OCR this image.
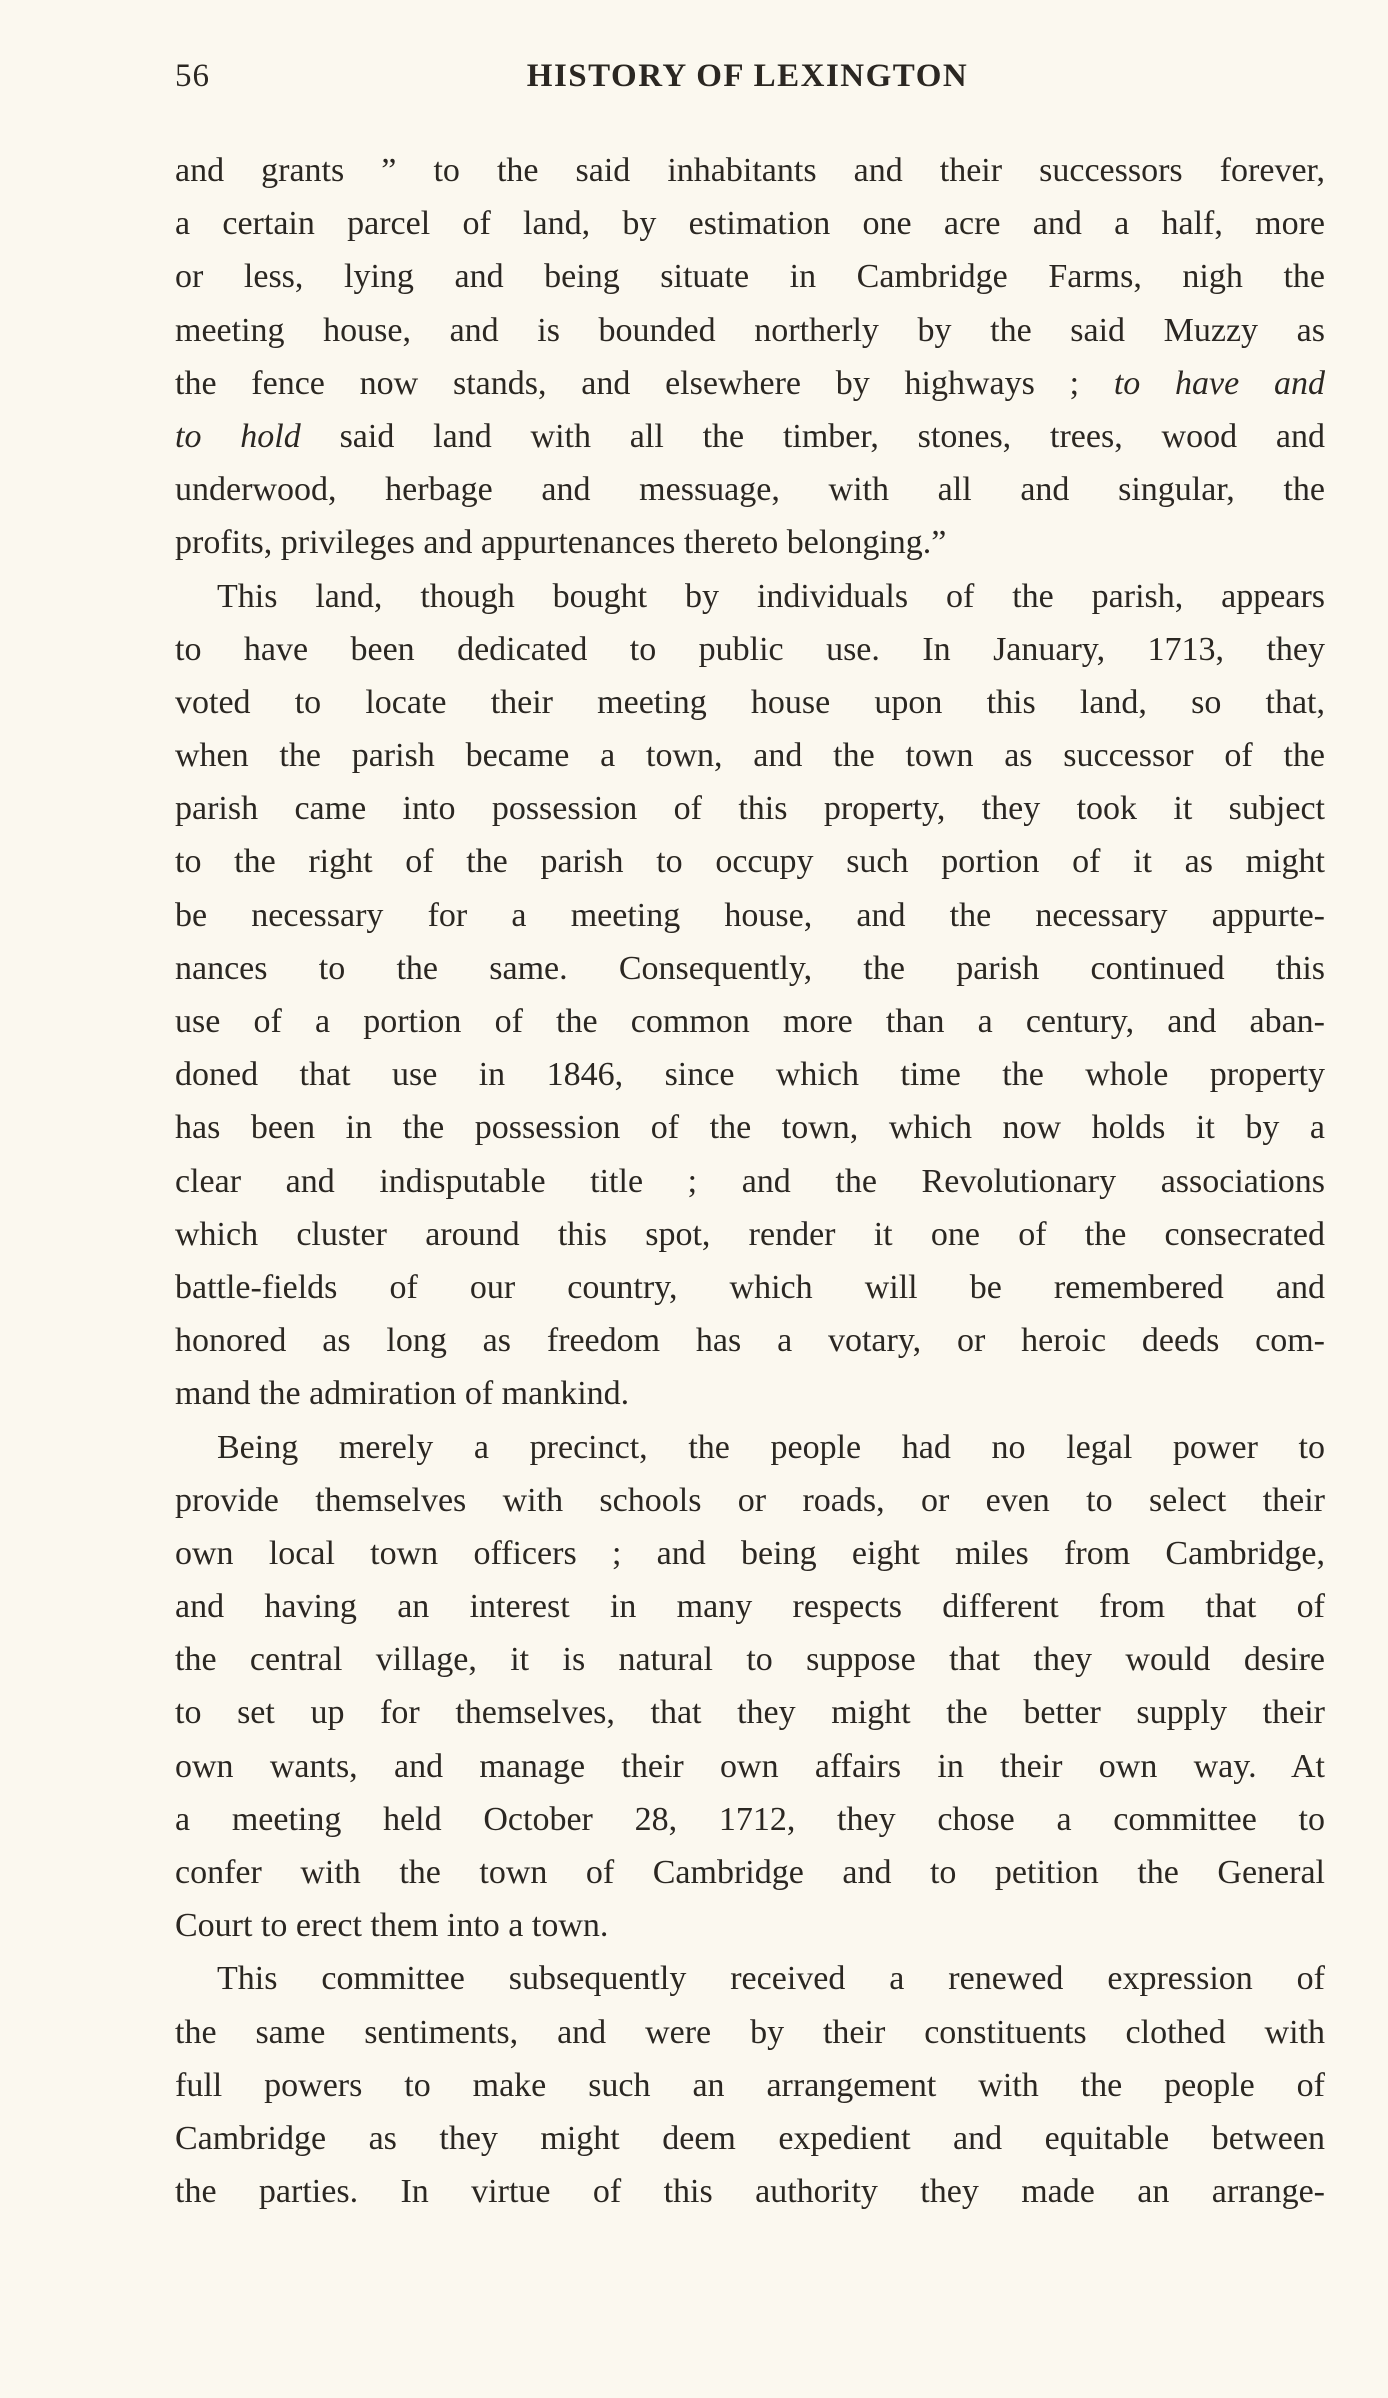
56	HISTORY OF LEXINGTON
and grants ” to the said inhabitants and their successors forever,
a certain parcel of land, by estimation one acre and a half, more
or less, lying and being situate in Cambridge Farms, nigh the
meeting house, and is bounded northerly by the said Muzzy as
the fence now stands, and elsewhere by highways ; to have and
to hold said land with all the timber, stones, trees, wood and
underwood, herbage and messuage, with all and singular, the
profits, privileges and appurtenances thereto belonging.”
This land, though bought by individuals of the parish, appears
to have been dedicated to public use. In January, 1713, they
voted to locate their meeting house upon this land, so that,
when the parish became a town, and the town as successor of the
parish came into possession of this property, they took it subject
to the right of the parish to occupy such portion of it as might
be necessary for a meeting house, and the necessary appurte-
nances to the same. Consequently, the parish continued this
use of a portion of the common more than a century, and aban-
doned that use in 1846, since which time the whole property
has been in the possession of the town, which now holds it by a
clear and indisputable title ; and the Revolutionary associations
which cluster around this spot, render it one of the consecrated
battle-fields of our country, which will be remembered and
honored as long as freedom has a votary, or heroic deeds com-
mand the admiration of mankind.
Being merely a precinct, the people had no legal power to
provide themselves with schools or roads, or even to select their
own local town officers ; and being eight miles from Cambridge,
and having an interest in many respects different from that of
the central village, it is natural to suppose that they would desire
to set up for themselves, that they might the better supply their
own wants, and manage their own affairs in their own way. At
a meeting held October 28, 1712, they chose a committee to
confer with the town of Cambridge and to petition the General
Court to erect them into a town.
This committee subsequently received a renewed expression of
the same sentiments, and were by their constituents clothed with
full powers to make such an arrangement with the people of
Cambridge as they might deem expedient and equitable between
the parties. In virtue of this authority they made an arrange-
